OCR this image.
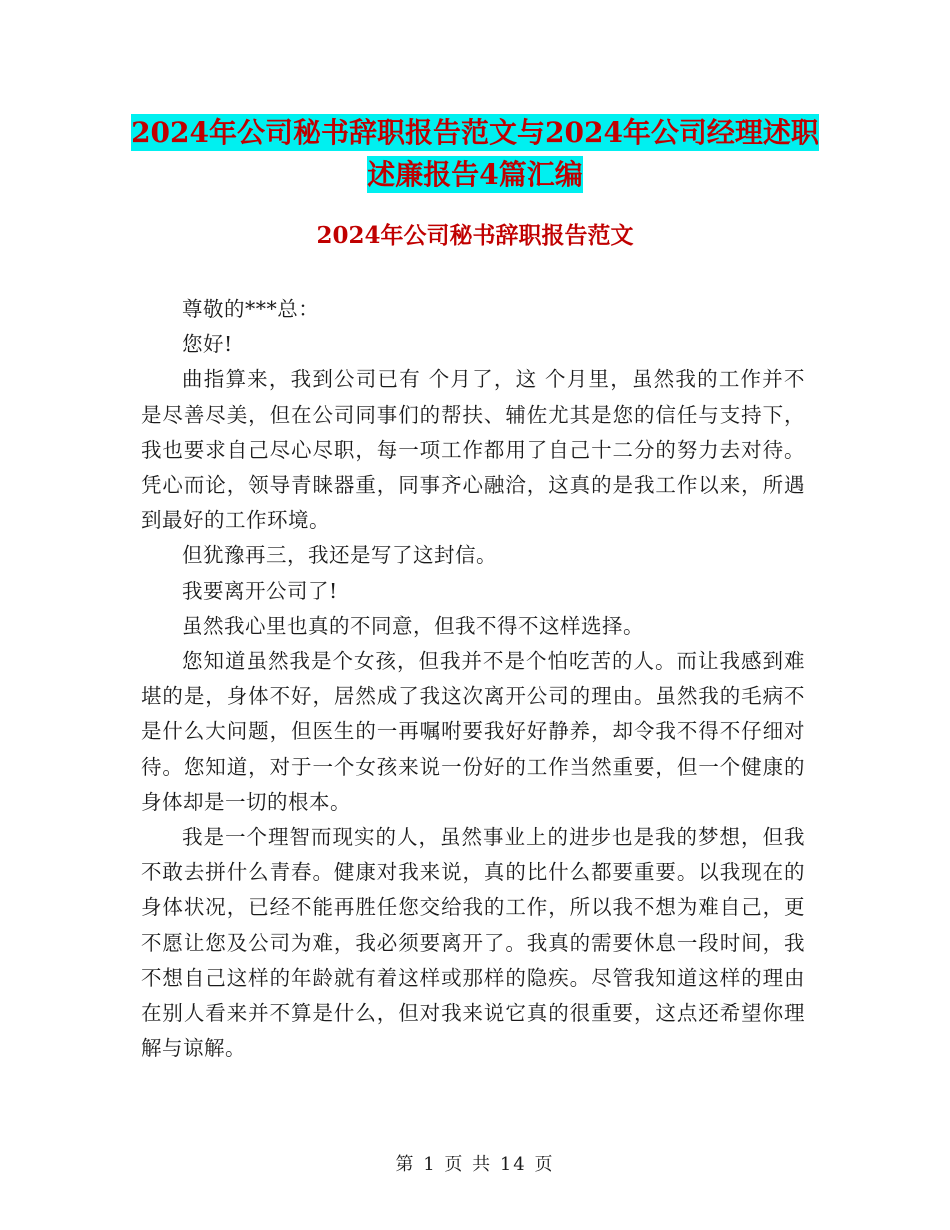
2024年公司秘书辞职报告范文与2024年公司经理述职
述廉报告4篇汇编
2024年公司秘书辞职报告范文

尊敬的***总：

您好!

曲指算来，我到公司已有 个月了，这 个月里，虽然我的工作并不是尽善尽美，但在公司同事们的帮扶、辅佐尤其是您的信任与支持下，我也要求自己尽心尽职，每一项工作都用了自己十二分的努力去对待。凭心而论，领导青睐器重，同事齐心融洽，这真的是我工作以来，所遇到最好的工作环境。

但犹豫再三，我还是写了这封信。

我要离开公司了!

虽然我心里也真的不同意，但我不得不这样选择。

您知道虽然我是个女孩，但我并不是个怕吃苦的人。而让我感到难堪的是，身体不好，居然成了我这次离开公司的理由。虽然我的毛病不是什么大问题，但医生的一再嘱咐要我好好静养，却令我不得不仔细对待。您知道，对于一个女孩来说一份好的工作当然重要，但一个健康的身体却是一切的根本。

我是一个理智而现实的人，虽然事业上的进步也是我的梦想，但我不敢去拼什么青春。健康对我来说，真的比什么都要重要。以我现在的身体状况，已经不能再胜任您交给我的工作，所以我不想为难自己，更不愿让您及公司为难，我必须要离开了。我真的需要休息一段时间，我不想自己这样的年龄就有着这样或那样的隐疾。尽管我知道这样的理由在别人看来并不算是什么，但对我来说它真的很重要，这点还希望你理解与谅解。

第 1 页 共 14 页
